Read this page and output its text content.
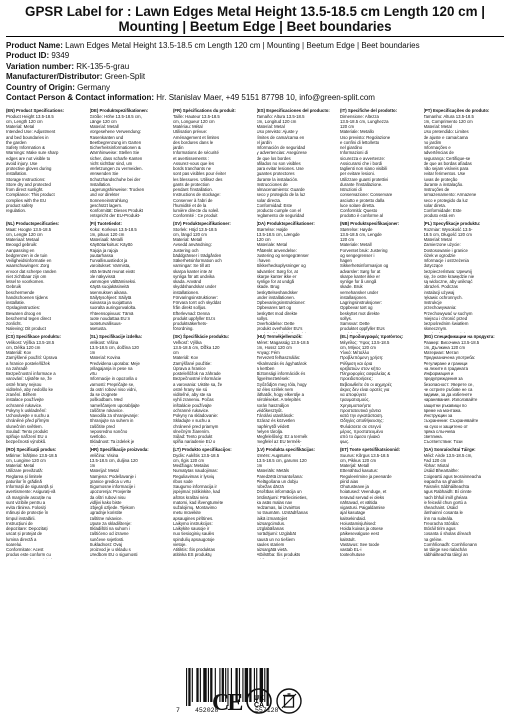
GPSR Label for : Lawn Edges Metal Height 13.5-18.5 cm Length 120 cm | Mounting | Beetum Edge | Beet boundaries
Product Name: Lawn Edges Metal Height 13.5-18.5 cm Length 120 cm | Mounting | Beetum Edge | Beet boundaries
Product ID: 9349
Variation number: RK-135-5-grau
Manufacturer/Distributor: Green-Split
Country of Origin: Germany
Contact Person & Contact information: Hr. Stanislav Maer, +49 5151 87798 10, info@green-split.com
(EN) Product Specifications:
Product Height 13.5-18.5
cm, Length 120 cm
Material: Metal
Intended Use: Adjustment
and bed boundaries in
the garden
Safety Information &
Warnings: Make sure sharp
edges are not visible to
avoid injury. Use
protective gloves during
installation.
Storage Instructions:
Store dry and protected
from direct sunlight.
Compliance: This product
complies with the EU
product safety
regulation.
(DE) Produktspezifikationen:
Größe: Höhe 13.5-18.5 cm,
Länge 120 cm
Material: Metall
Vorgesehene Verwendung:
Rasenkanten und
Beetbegrenzung im Garten
Sicherheitsinformationen &
Warnhinweise: Stellen Sie
sicher, dass scharfe Kanten
nicht sichtbar sind, um
Verletzungen zu vermeiden.
Verwenden Sie
Schutzhandschuhe bei der
Installation.
Lagerungshinweise: Trocken
und vor direkter
Sonneneinstrahlung
geschützt lagern.
Konformität: Dieses Produkt
entspricht der EU-Produkt-
(FR) Spécifications du produit:
Taille: Hauteur 13.5-18.5
cm, Longueur 120 cm
Matériau: Métal
Utilisation prévue:
Aménagement et limites
des bordures dans le
jardin
Informations de sécurité
et avertissements :
Assurez-vous que les
bords tranchants ne
sont pas visibles pour éviter
les blessures. Utilisez des
gants de protection
pendant l'installation.
Instructions de stockage:
Conserver à l'abri de
l'humidité et de la
lumière directe du soleil.
Conformité : Ce produit
(ES) Especificaciones del producto:
Tamaño: Altura 13.5-18.5
cm, Longitud 120 cm
Material: Metal
Uso previsto: Ajuste y
límites de cama/cama en
el jardín
Información de seguridad
y advertencias: Asegúrese
de que los bordes
afilados no son visibles
para evitar lesiones. Use
guantes protectores
durante la instalación.
Instrucciones de
almacenamiento: Guarde
seco y protegido de la luz
solar directa.
Conformidad: Este
producto cumple con el
reglamento de seguridad
(IT) Specifiche del prodotto:
Dimensione: Altezza
13.5-18.5 cm, Lunghezza
120 cm
Materiale: Metallo
Uso previsto: Regolazione
e confini di letto/letto
nel giardino
Informazioni di
sicurezza e avvertenze:
Assicurarsi che i bordi
taglienti non siano visibili
per evitare lesioni.
Utilizzare guanti protettivi
durante l'installazione.
Istruzioni di
conservazione: Conservare
asciutto e protetto dalla
luce solare diretta.
Conformità: Questo
prodotto è conforme al
(PT) Especificações do produto:
Tamanho: Altura 13.5-18.5
cm, Comprimento 120 cm
Material: Metal
Uso pretendido: Limites
de ajuste e cama/cama
no jardim
Informações e
advertências de
segurança: Certifique-se
de que as bordas afiadas
não sejam visíveis para
evitar ferimentos. Use
luvas de proteção
durante a instalação.
Instruções de
armazenamento: Armazene
seco e protegido da luz
solar direta.
Conformidade: Este
produto está em
(NL) Productspecificaties:
Maat: Hoogte 13.5-18.5
cm, Lengte 120 cm
Materiaal: Metaal
Beoogd gebruik:
Aanpassing en
bedgrenzen in de tuin
Veiligheidsinformatie en
waarschuwingen: Zorg
ervoor dat scherpe randen
niet zichtbaar zijn om
letsel te voorkomen.
Gebruik
beschermende
handschoenen tijdens
installatie.
Opslaginstructies:
Bewaren droog en
beschermd tegen direct
zonlicht.
Naleving: Dit product
(FI) Tuotetiedot:
Koko: Korkeus 13.5-18.5
cm, pituus 120 cm
Materiaali: Metalli
Käyttötarkoitus: Käyttö
Rajoja ja rajoja
puutarhassa
Turvallisuustiedot ja
varoitukset: Varmista,
että terävät reunat eivät
ole näkyvissä
vammojen välttämiseksi.
Käytä suojakäsineitä
asennuksen aikana.
Säilytysohjeet: Säilytä
kuivassa ja suojattuna
suoralta auringonvalolta.
Yhteensopivuus: Tämä
tuote noudattaa EU:n
tuoteturvallisuus-
asetusta.
(SV) Produktspecifikationer:
Storlek: Höjd 13.5-18.5
cm, längd 120 cm
Material: Metall
Avsedd användning:
Justering och
bäddgränser i trädgården
Säkerhetsinformation och
varningar: Se till att
skarpa kanter inte är
synliga för att undvika
skada. Använd
skyddshandskar under
installationen.
Förvaringsinstruktioner:
Förvara torrt och skyddat
från direkt solljus.
Efterlevnad: Denna
produkt uppfyller EU:s
produktsäkerhets-
förordning.
(DA) Produktspecifikationer:
Størrelse: Højde
13.5-18.5 cm, Længde
120 cm
Materiale: Metal
Påtænkt anvendelse:
Justering og sengegrænser
i haven
Sikkerhedsoplysninger og
advarsler: Sørg for, at
skarpe kanter ikke er
synlige for at undgå
skade. Brug
beskyttelseshandsker
under installationen.
Opbevaringsinstruktioner:
Opbevares tørt og
beskyttet mod direkte
sollys.
Overholdelse: Dette
produkt overholder EU's
(NB) Produktspesifikasjoner:
Størrelse: Høyde
13.5-18.5 cm, Lengde
120 cm
Materiale: Metall
Forventet bruk: Justering
og sengegrenser i
hagen
Sikkerhetsinformasjon og
advarsler: Sørg for at
skarpe kanter ikke er
synlige for å unngå
skade. Bruk
vernehansker under
installasjonen.
Lagringsinstruksjoner:
Oppbevar tørt og
beskyttet mot direkte
sollys.
Samsvar: Dette
produktet oppfyller EUs
(PL) Specyfikacje produktu:
Rozmiar: Wysokość 13.5-
18.5 cm, Długość 120 cm
Materiał: Metal
Zamierzone użycie:
Dostosowanie i granice
łóżek w ogrodzie
Informacje i ostrzeżenia
dotyczące
bezpieczeństwa: Upewnij
się, że ostre krawędzie nie
są widoczne, aby uniknąć
obrażeń. Podczas
instalacji używaj
rękawic ochronnych.
Instrukcje
przechowywania:
Przechowywać w suchym
miejscu i chronić przed
bezpośrednim światłem
słonecznym.
(CS) Specifikace produktu:
Velikost: Výška 13.5-18.5
cm, Délka 120 cm
Materiál: Kov
Zamýšlené použití: Úprava
a hranice postele/lůžek
na zahradě
Bezpečnostní informace a
varování: Ujistěte se, že
ostré hrany nejsou
viditelné, aby nedošlo ke
zranění. Během
instalace používejte
ochranné rukavice.
Pokyny k uskladnění:
Uchovávejte v suchu a
chráněné před přímým
slunečním světlem.
Soulad: Tento produkt
splňuje nařízení EU o
bezpečnosti výrobků.
(SL) Specifikacije izdelka:
Velikost: Višina
13.5-18.5 cm, dolžina 120
cm
Material: Kovina
Predvidena uporaba: Meje
prilagajanja in pese na
vrtu
Informacije in opozorila o
varnosti: Prepričajte se,
da ostri robovi niso vidni,
da se izognete
poškodbam. Med
nameščanjem uporabljajte
zaščitne rokavice.
Navodila za shranjevanje:
Shranjujte na suhem in
zaščitite pred
neposredno sončno
svetlobo.
Skladnost: Ta izdelek je
(SK) Špecifikácie produktu:
Veľkosť: Výška
13.5-18.5 cm, Dĺžka 120
cm
Materiál: Kov
Zamýšľané použitie:
Úprava a hranice
postele/lôžok na záhrade
Bezpečnostné informácie
a varovania: Uistite sa, že
ostré hrany nie sú
viditeľné, aby ste sa
vyhli zraneniu. Počas
inštalácie používajte
ochranné rukavice.
Pokyny na skladovanie:
Skladujte v suchu a
chránené pred priamym
slnečným žiarením.
Súlad: Tento produkt
spĺňa nariadenie EÚ o
(HU) Termékjellemzők:
Méret: Magasság 13.5-18.5
cm, Hossz 120 cm
Anyag: Fém
Tervezett felhasználás:
Alkalmazás és ágyhatárok
a kertben
Biztonsági információk és
figyelmeztetések:
Győződjön meg róla, hogy
az éles szélek nem
láthatók, hogy elkerülje a
sérüléseket. A telepítés
során használjon
védőkesztyűt.
Tárolási utasítások:
Száraz és közvetlen
napfénytől védett
helyen tárolja.
Megfelelőség: Ez a termék
megfelel az EU termék-
(EL) Προδιαγραφές προϊόντος:
Μέγεθος: Ύψος 13.5-18.5
cm, Μήκος 120 cm
Υλικό: Μέταλλο
Προβλεπόμενη χρήση:
Ρύθμιση και όρια
κρεβατιών στον κήπο
Πληροφορίες ασφαλείας &
προειδοποιήσεις:
Βεβαιωθείτε ότι οι αιχμηρές
άκρες δεν είναι ορατές για
να αποφύγετε
τραυματισμούς.
Χρησιμοποιήστε
προστατευτικά γάντια
κατά την εγκατάσταση.
Οδηγίες αποθήκευσης:
Φυλάσσετε σε στεγνό
μέρος, προστατευμένο
από το άμεσο ηλιακό
φως.
(BG) Спецификации на продукта:
Размер: Височина 13.5-18.5
cm, Дължина 120 cm
Материал: Метал
Предназначена употреба:
Регулиране и граници
на лехите в градината
Информация и
предупреждения за
безопасност: Уверете се,
че острите ръбове не са
видими, за да избегнете
наранявания. Използвайте
защитни ръкавици по
време на монтажа.
Инструкции за
съхранение: Съхранявайте
на сухо и защитено от
пряка слънчева
светлина.
Съответствие: Този
(RO) Specificații produs:
Mărime: Înălțime 13.5-18.5
cm, Lungime 120 cm
Material: Metal
Utilizare prevăzută:
Reglarea și limitele
paturilor în grădină
Informații de siguranță și
avertismente: Asigurați-vă
că marginile ascuțite nu
sunt vizibile pentru a
evita rănirea. Folosiți
mănuși de protecție în
timpul instalării.
Instrucțiuni de
depozitare: Depozitați
uscat și protejat de
lumina directă a
soarelui.
Conformitate: Acest
produs este conform cu
(HR) Specifikacije proizvoda:
Veličina: Visina
13.5-18.5 cm, duljina 120
cm
Materijal: Metal
Namjena: Podešavanje i
granice gredica u vrtu
Sigurnosne informacije i
upozorenja: Provjerite
da oštri rubovi nisu
vidljivi kako biste
izbjegli ozljede. Tijekom
ugradnje koristite
zaštitne rukavice.
Upute za skladištenje:
Skladištiti na suhom i
zaštićeno od izravne
sunčeve svjetlosti.
Sukladnost: Ovaj
proizvod je u skladu s
Uredbom EU o sigurnosti
(LT) Produkto specifikacijos:
Dydis: Aukštis 13.5-18.5
cm, Ilgis 120 cm
Medžiaga: Metalas
Numatytas naudojimas:
Reguliavimas ir lysvių
ribos sode
Saugumo informacija ir
įspėjimai: Įsitikinkite, kad
aštrūs kraštai nėra
matomi, kad išvengtumėte
sužalojimų. Montavimo
metu mūvėkite
apsaugines pirštines.
Laikymo instrukcijos:
Laikykite sausoje ir
nuo tiesioginių saulės
spindulių apsaugotoje
vietoje.
Atitiktis: Šis produktas
atitinka ES produktų
(LV) Produkta specifikācijas:
Izmērs: Augstums
13.5-18.5 cm, garums 120
cm
Materiāls: Metāls
Paredzētā izmantošana:
Pielāgošana un dobju
robežas dārzā
Drošības informācija un
brīdinājumi: Pārliecinieties,
ka asās malas nav
redzamas, lai izvairītos
no traumām. Uzstādīšanas
laikā izmantojiet
aizsargcimdus.
Uzglabāšanas
norādījumi: Uzglabāt
sausā un no tiešiem
saules stariem
aizsargātā vietā.
Atbilstība: Šis produkts
(ET) Toote spetsifikatsioonid:
Suurus: Kõrgus 13.5-18.5
cm, Pikkus 120 cm
Materjal: Metall
Ettenähtud kasutus:
Reguleerimine ja peenarde
piirid aias
Ohutusteave ja
hoiatused: Veenduge, et
teravad servad ei oleks
nähtavad, et vältida
vigastusi. Paigaldamise
ajal kasutage
kaitsekindaid.
Hoiustamisjuhised:
Hoida kuivas ja otsese
päikesevalguse eest
kaitstult.
Vastavus: See toode
vastab EL-i
tooteohutuse
(GA) Sonraíochtaí Táirge:
Méid: Airde 13.5-18.5 cm,
Fad 120 cm
Ábhar: Miotal
Úsáid Bheartaithe:
Coigeartú agus teorainneacha
leapacha sa ghairdín
Faisnéis Sábháilteachta
agus Rabhaidh: Bí cinnte
nach bhfuil imill ghéara
le feiceáil chun gortú a
sheachaint. Úsáid
lámhainní cosanta le
linn na suiteála.
Treoracha Stórála:
Stóráil tirim agus
cosanta ó sholas díreach
na gréine.
Comhlíonadh: Comhlíonann
an táirge seo rialachán
sábháilteachta táirgí an
7 452028	557128
CE UK
CA
